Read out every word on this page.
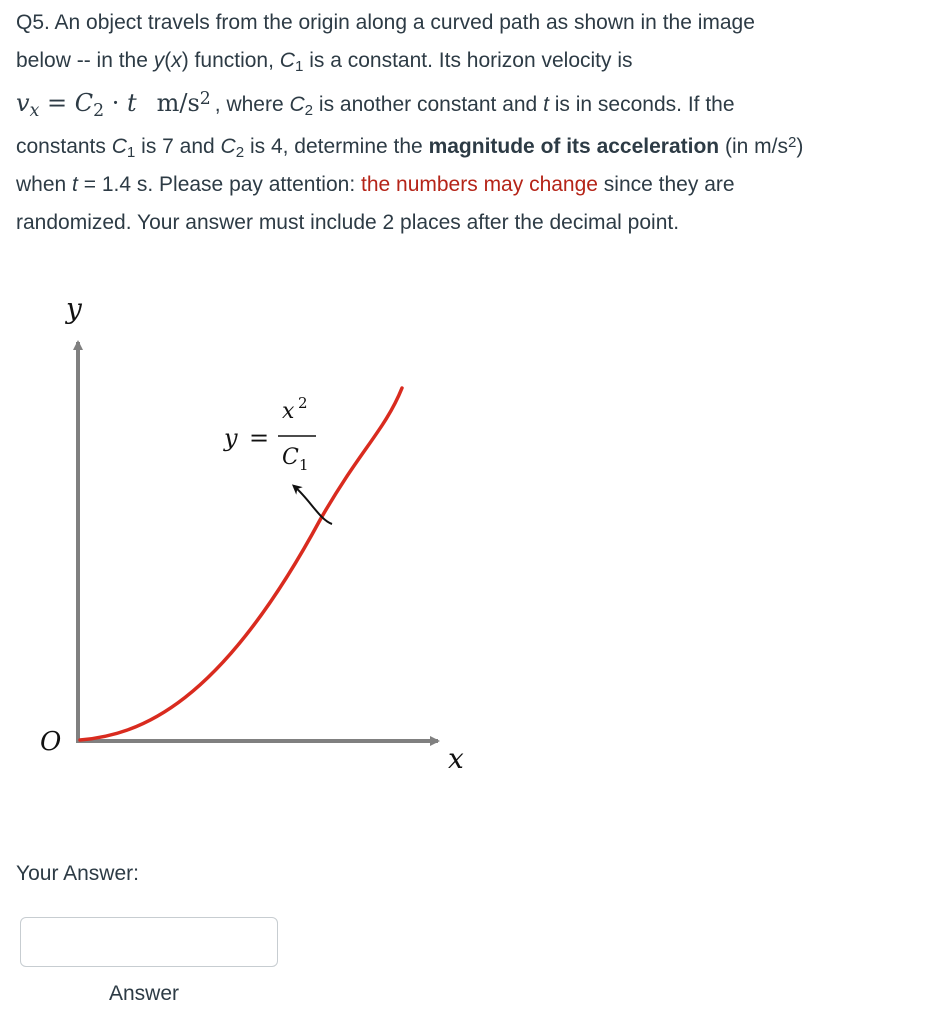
Q5. An object travels from the origin along a curved path as shown in the image
below -- in the y(x) function, $C_1$ is a constant. Its horizon velocity is

$v_x = C_2 \cdot t$ $m/s^2$ , where $C_2$ is another constant and t is in seconds. If the

constants $C_1$ is 7 and $C_2$ is 4, determine the magnitude of its acceleration (in $m/s^2$)

when t = 1.4 s. Please pay attention: the numbers may change since they are

randomized. Your answer must include 2 places after the decimal point.

y
x
O
y =
x 2
C 1
Your Answer:
Answer
